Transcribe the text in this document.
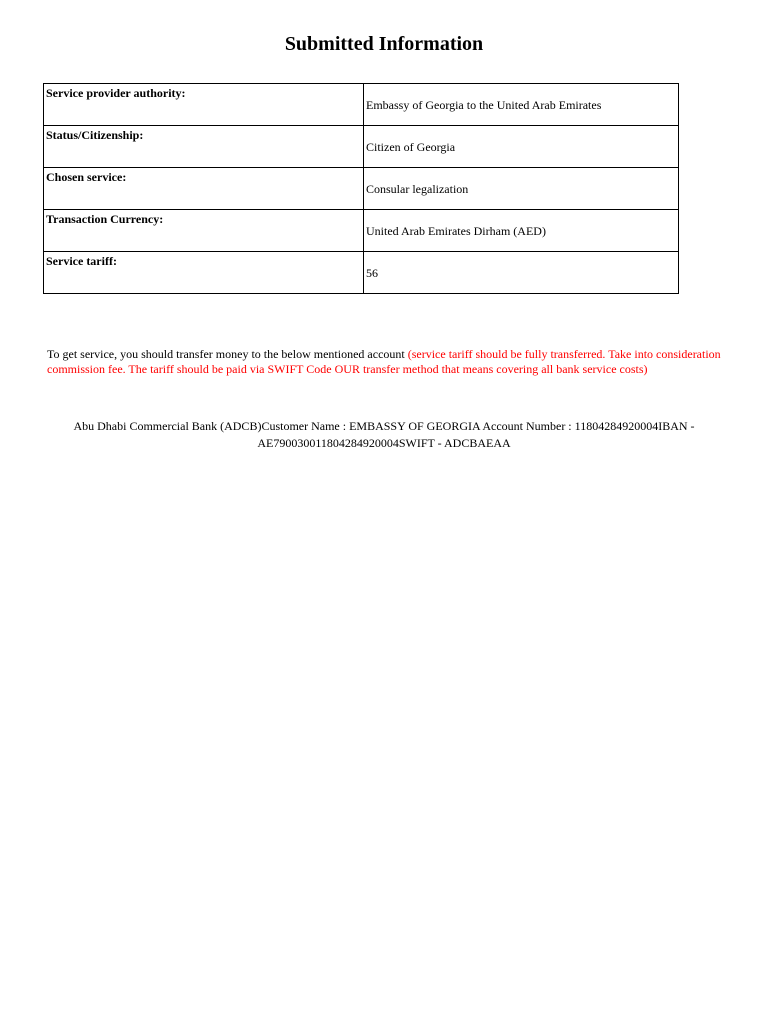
Submitted Information
Service provider authority:	Embassy of Georgia to the United Arab Emirates
Status/Citizenship:	Citizen of Georgia
Chosen service:	Consular legalization
Transaction Currency:	United Arab Emirates Dirham (AED)
Service tariff:	56
To get service, you should transfer money to the below mentioned account (service tariff should be fully transferred. Take into consideration commission fee. The tariff should be paid via SWIFT Code OUR transfer method that means covering all bank service costs)
Abu Dhabi Commercial Bank (ADCB)Customer Name : EMBASSY OF GEORGIA Account Number : 11804284920004IBAN - AE790030011804284920004SWIFT - ADCBAEAA
